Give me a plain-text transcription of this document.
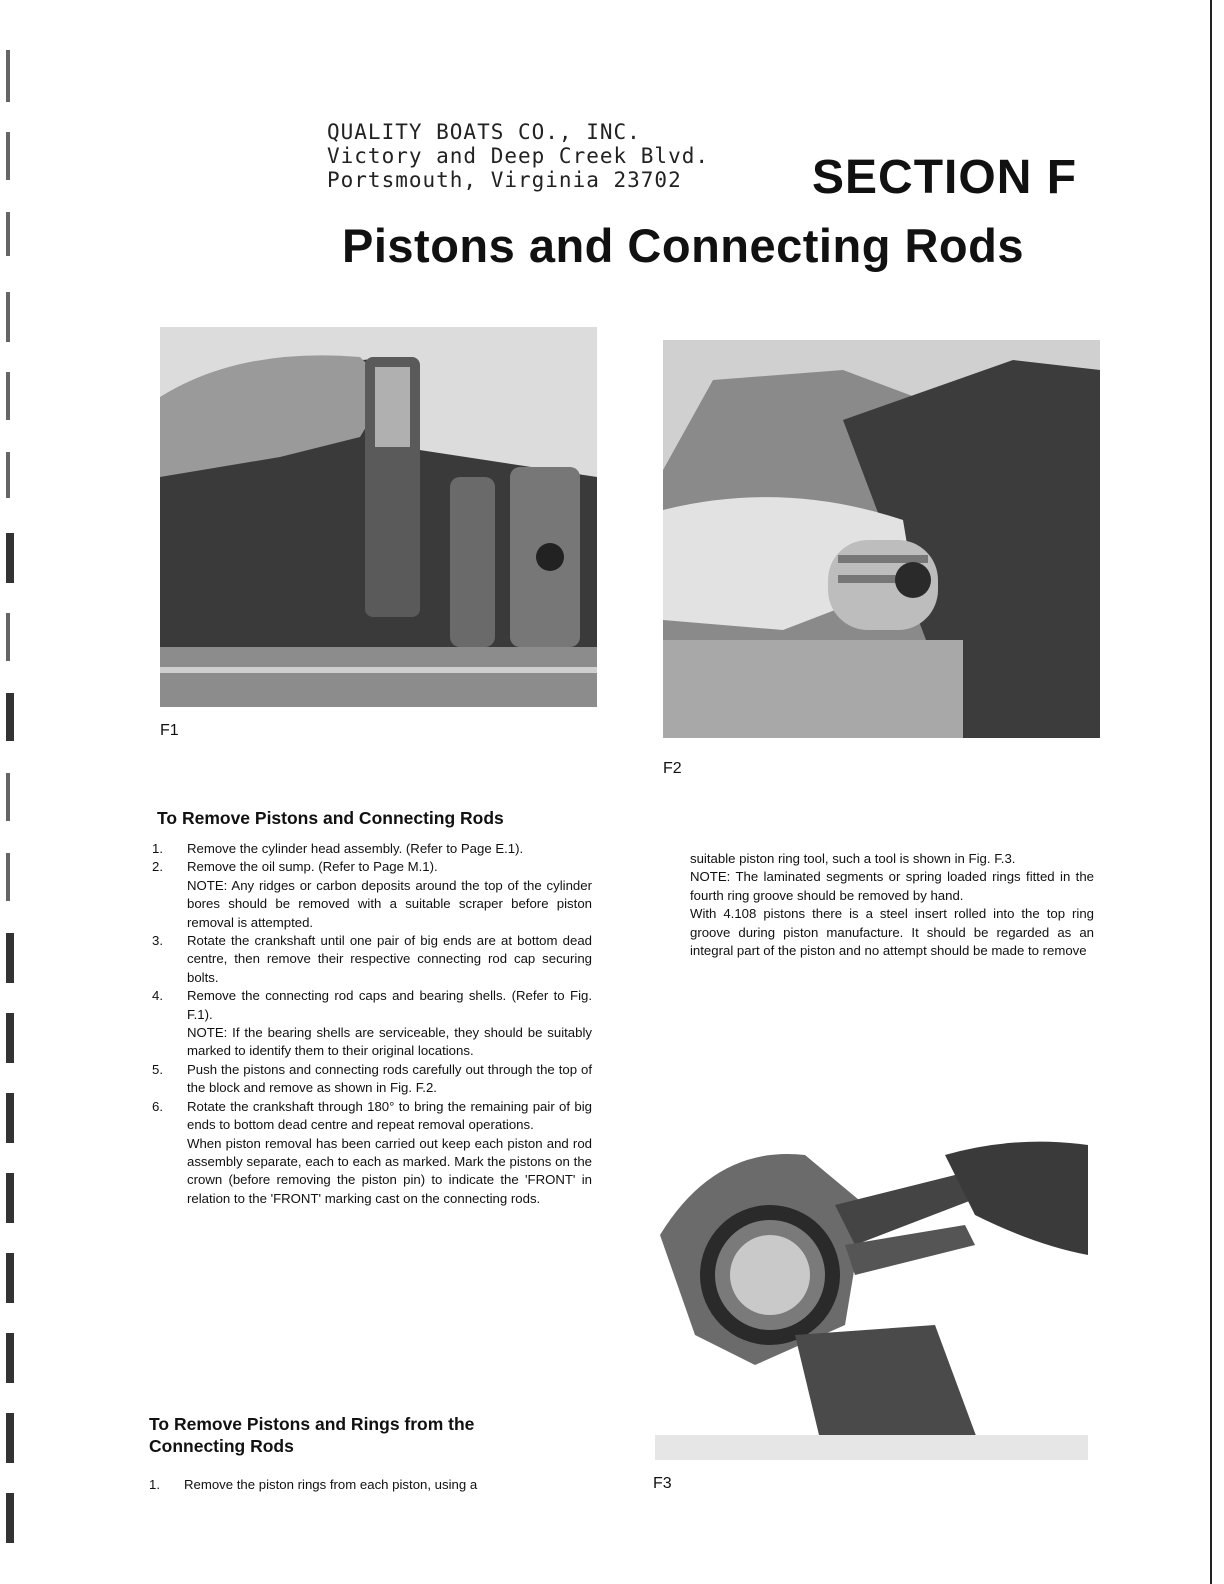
QUALITY BOATS CO., INC.
Victory and Deep Creek Blvd.
Portsmouth, Virginia 23702	SECTION F
Pistons and Connecting Rods
F1
F2
F3
To Remove Pistons and Connecting Rods
1. Remove the cylinder head assembly. (Refer to Page E.1).

2. Remove the oil sump. (Refer to Page M.1).

NOTE: Any ridges or carbon deposits around the top of the cylinder bores should be removed with a suitable scraper before piston removal is attempted.

3. Rotate the crankshaft until one pair of big ends are at bottom dead centre, then remove their respective connecting rod cap securing bolts.

4. Remove the connecting rod caps and bearing shells. (Refer to Fig. F.1).

NOTE: If the bearing shells are serviceable, they should be suitably marked to identify them to their original locations.

5. Push the pistons and connecting rods carefully out through the top of the block and remove as shown in Fig. F.2.

6. Rotate the crankshaft through 180° to bring the remaining pair of big ends to bottom dead centre and repeat removal operations.

When piston removal has been carried out keep each piston and rod assembly separate, each to each as marked. Mark the pistons on the crown (before removing the piston pin) to indicate the 'FRONT' in relation to the 'FRONT' marking cast on the connecting rods.

To Remove Pistons and Rings from the
Connecting Rods
1. Remove the piston rings from each piston, using a

suitable piston ring tool, such a tool is shown in Fig. F.3.

NOTE: The laminated segments or spring loaded rings fitted in the fourth ring groove should be removed by hand.

With 4.108 pistons there is a steel insert rolled into the top ring groove during piston manufacture. It should be regarded as an integral part of the piston and no attempt should be made to remove
